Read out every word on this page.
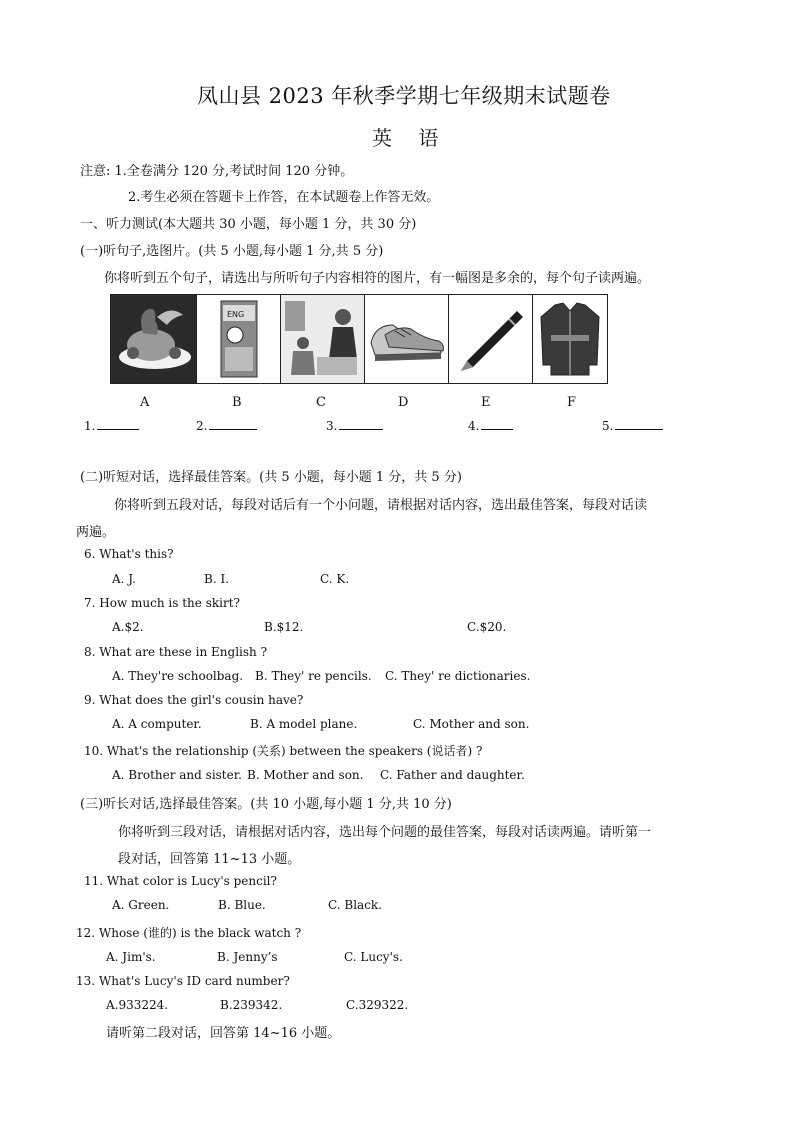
凤山县 2023 年秋季学期七年级期末试题卷
英 语
注意: 1.全卷满分 120 分,考试时间 120 分钟。
2.考生必须在答题卡上作答，在本试题卷上作答无效。
一、听力测试(本大题共 30 小题，每小题 1 分，共 30 分)
(一)听句子,选图片。(共 5 小题,每小题 1 分,共 5 分)
你将听到五个句子，请选出与所听句子内容相符的图片，有一幅图是多余的，每个句子读两遍。
ENG
A	B	C	D	E	F
1.	2.	3.	4.	5.
(二)听短对话，选择最佳答案。(共 5 小题，每小题 1 分，共 5 分)
你将听到五段对话，每段对话后有一个小问题，请根据对话内容，选出最佳答案，每段对话读
两遍。
6. What's this?
A. J.	B. I.	C. K.
7. How much is the skirt?
A.$2.	B.$12.	C.$20.
8. What are these in English ?
A. They're schoolbag. B. They' re pencils. C. They' re dictionaries.
9. What does the girl's cousin have?
A. A computer.	B. A model plane.	C. Mother and son.
10. What's the relationship (关系) between the speakers (说话者) ?
A. Brother and sister. B. Mother and son. C. Father and daughter.
(三)听长对话,选择最佳答案。(共 10 小题,每小题 1 分,共 10 分)
你将听到三段对话，请根据对话内容，选出每个问题的最佳答案，每段对话读两遍。请听第一
段对话，回答第 11~13 小题。
11. What color is Lucy's pencil?
A. Green.	B. Blue.	C. Black.
12. Whose (谁的) is the black watch ?
A. Jim's.	B. Jenny’s	C. Lucy's.
13. What's Lucy's ID card number?
A.933224.	B.239342.	C.329322.
请听第二段对话，回答第 14~16 小题。
